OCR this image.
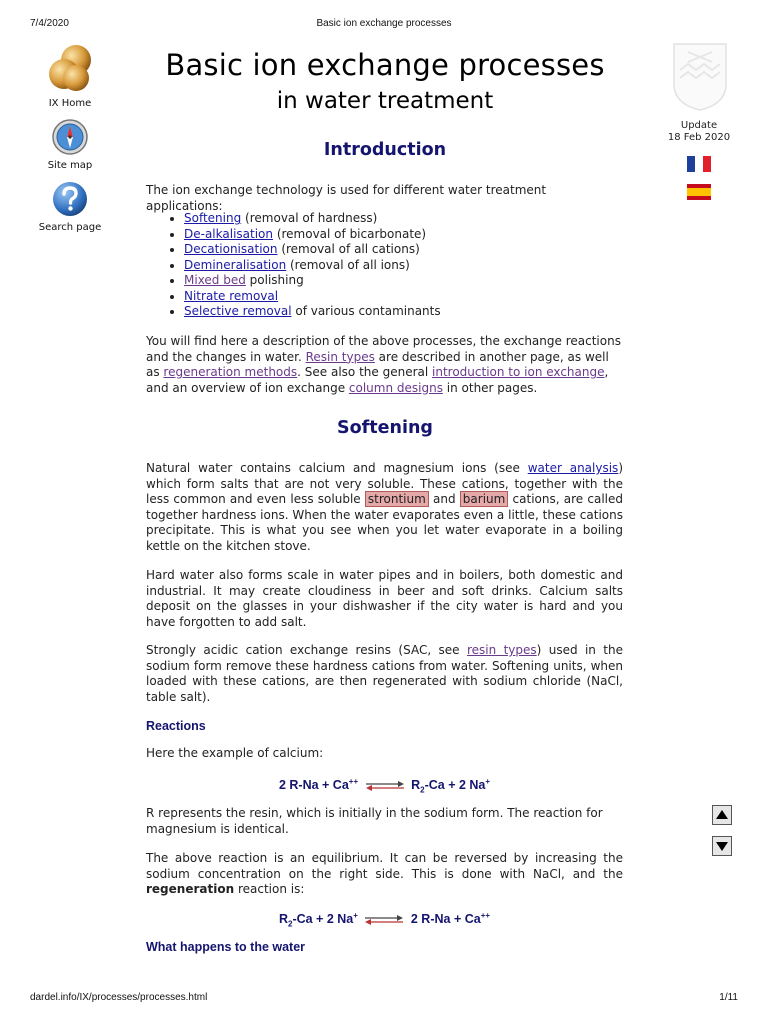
7/4/2020	Basic ion exchange processes
IX Home
Site map
Search page
Update
18 Feb 2020
Basic ion exchange processes
in water treatment
Introduction

The ion exchange technology is used for different water treatment applications:

• Softening (removal of hardness)
• De-alkalisation (removal of bicarbonate)
• Decationisation (removal of all cations)
• Demineralisation (removal of all ions)
• Mixed bed polishing
• Nitrate removal
• Selective removal of various contaminants

You will find here a description of the above processes, the exchange reactions and the changes in water. Resin types are described in another page, as well as regeneration methods. See also the general introduction to ion exchange, and an overview of ion exchange column designs in other pages.

Softening

Natural water contains calcium and magnesium ions (see water analysis) which form salts that are not very soluble. These cations, together with the less common and even less soluble strontium and barium cations, are called together hardness ions. When the water evaporates even a little, these cations precipitate. This is what you see when you let water evaporate in a boiling kettle on the kitchen stove.

Hard water also forms scale in water pipes and in boilers, both domestic and industrial. It may create cloudiness in beer and soft drinks. Calcium salts deposit on the glasses in your dishwasher if the city water is hard and you have forgotten to add salt.

Strongly acidic cation exchange resins (SAC, see resin types) used in the sodium form remove these hardness cations from water. Softening units, when loaded with these cations, are then regenerated with sodium chloride (NaCl, table salt).

Reactions

Here the example of calcium:

2 R-Na + Ca++ ⇌ $R_2-Ca + 2$ Na+

R represents the resin, which is initially in the sodium form. The reaction for magnesium is identical.

The above reaction is an equilibrium. It can be reversed by increasing the sodium concentration on the right side. This is done with NaCl, and the regeneration reaction is:

$R_2-Ca + 2$ Na+ ⇌ 2 R-Na + Ca++
What happens to the water
dardel.info/IX/processes/processes.html	1/11
